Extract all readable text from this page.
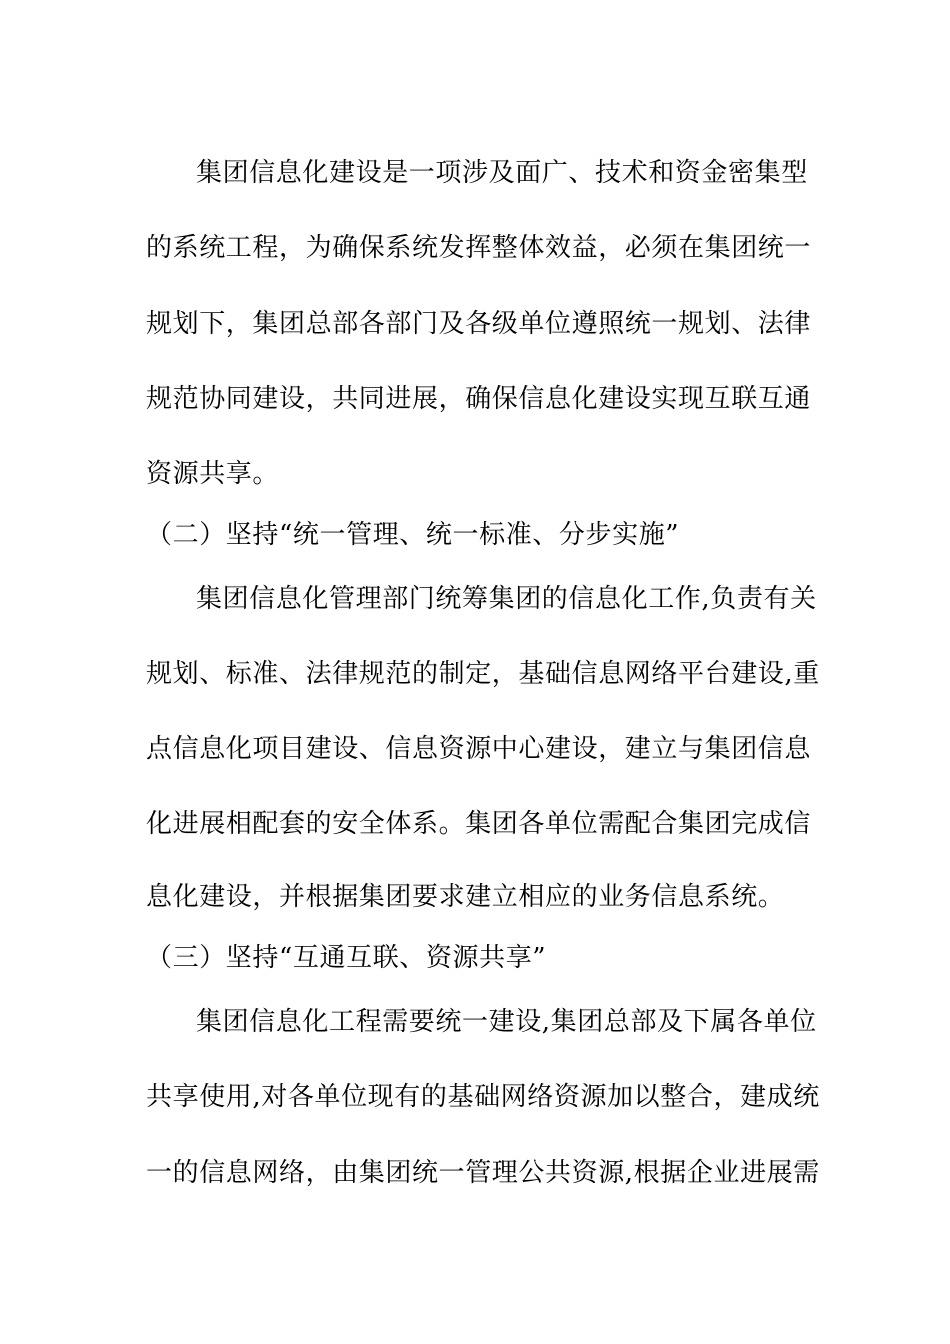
集团信息化建设是一项涉及面广、技术和资金密集型
的系统工程，为确保系统发挥整体效益，必须在集团统一
规划下，集团总部各部门及各级单位遵照统一规划、法律
规范协同建设，共同进展，确保信息化建设实现互联互通
资源共享。
（二）坚持“统一管理、统一标准、分步实施”
集团信息化管理部门统筹集团的信息化工作,负责有关
规划、标准、法律规范的制定，基础信息网络平台建设,重
点信息化项目建设、信息资源中心建设，建立与集团信息
化进展相配套的安全体系。集团各单位需配合集团完成信
息化建设，并根据集团要求建立相应的业务信息系统。
（三）坚持“互通互联、资源共享”
集团信息化工程需要统一建设,集团总部及下属各单位
共享使用,对各单位现有的基础网络资源加以整合，建成统
一的信息网络，由集团统一管理公共资源,根据企业进展需
